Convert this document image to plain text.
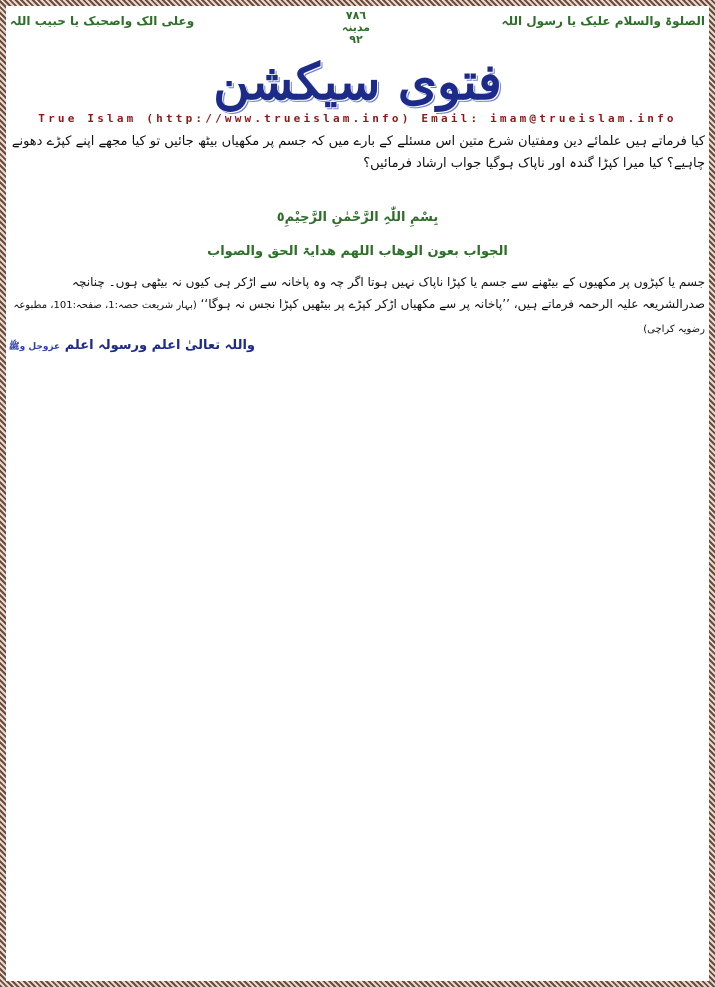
الصلوۃ والسلام علیک یا رسول اللہ
٧٨٦
مدینہ
٩٢
وعلی الک واصحبک یا حبیب اللہ
فتوی سیکشن
True Islam (http://www.trueislam.info) Email: imam@trueislam.info
کیا فرماتے ہیں علمائے دین ومفتیان شرع متین اس مسئلے کے بارے میں کہ جسم پر مکھیاں بیٹھ جائیں تو کیا مجھے اپنے کپڑے دھونے چاہیے؟ کیا میرا کپڑا گندہ اور ناپاک ہوگیا جواب ارشاد فرمائیں؟
بِسْمِ اللّٰہِ الرَّحْمٰنِ الرَّحِیْمِ٥
الجواب بعون الوھاب اللھم ھدایۃ الحق والصواب
جسم یا کپڑوں پر مکھیوں کے بیٹھنے سے جسم یا کپڑا ناپاک نہیں ہوتا اگر چہ وہ پاخانہ سے اڑکر ہی کیوں نہ بیٹھی ہوں۔ چنانچہ صدرالشریعہ علیہ الرحمہ فرماتے ہیں، ’’پاخانہ پر سے مکھیاں اڑکر کپڑے پر بیٹھیں کپڑا نجس نہ ہوگا‘‘ (بہار شریعت حصہ:1، صفحہ:101، مطبوعہ رضویہ کراچی)
واللہ تعالیٰ اعلم ورسولہ اعلم عزوجل وﷺ
